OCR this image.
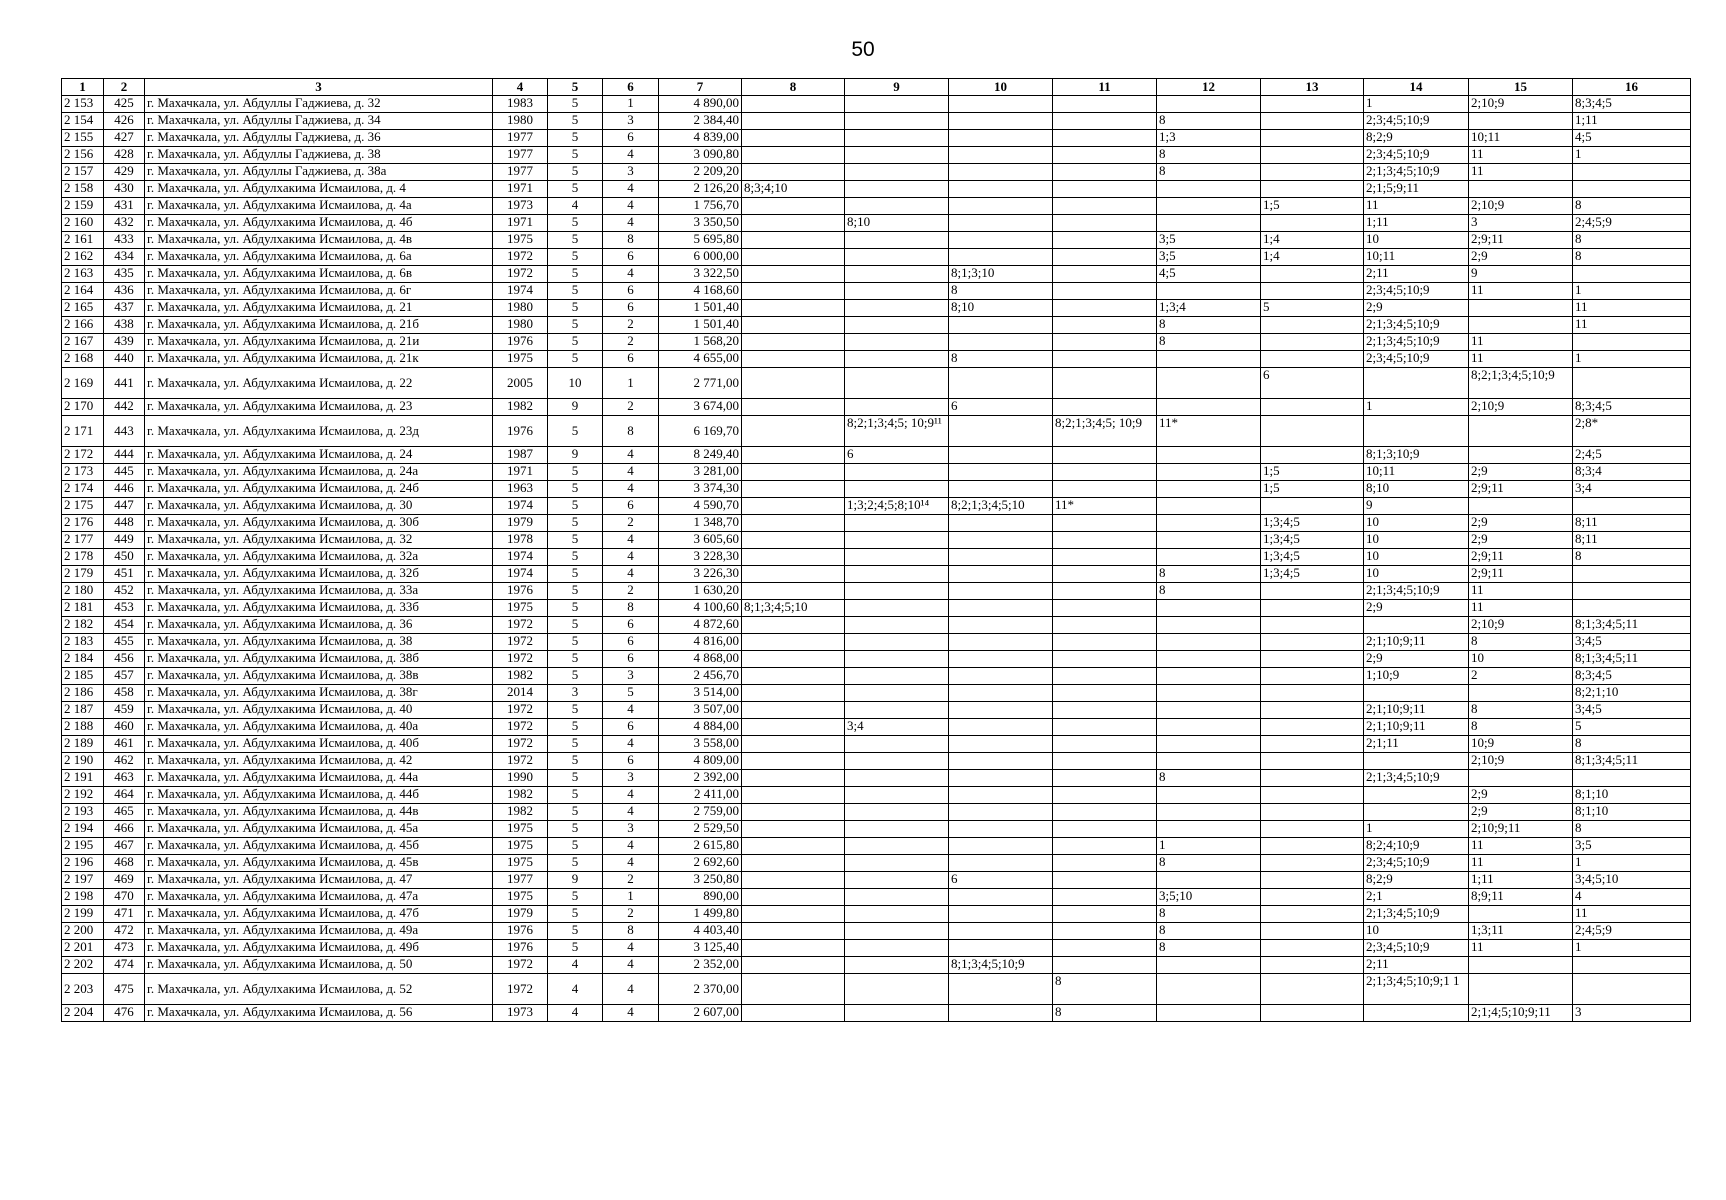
50
1	2	3	4	5	6	7	8	9	10	11	12	13	14	15	16
2 153	425	г. Махачкала, ул. Абдуллы Гаджиева, д. 32	1983	5	1	4 890,00							1	2;10;9	8;3;4;5
2 154	426	г. Махачкала, ул. Абдуллы Гаджиева, д. 34	1980	5	3	2 384,40					8		2;3;4;5;10;9		1;11
2 155	427	г. Махачкала, ул. Абдуллы Гаджиева, д. 36	1977	5	6	4 839,00					1;3		8;2;9	10;11	4;5
2 156	428	г. Махачкала, ул. Абдуллы Гаджиева, д. 38	1977	5	4	3 090,80					8		2;3;4;5;10;9	11	1
2 157	429	г. Махачкала, ул. Абдуллы Гаджиева, д. 38а	1977	5	3	2 209,20					8		2;1;3;4;5;10;9	11	
2 158	430	г. Махачкала, ул. Абдулхакима Исмаилова, д. 4	1971	5	4	2 126,20	8;3;4;10						2;1;5;9;11		
2 159	431	г. Махачкала, ул. Абдулхакима Исмаилова, д. 4а	1973	4	4	1 756,70						1;5	11	2;10;9	8
2 160	432	г. Махачкала, ул. Абдулхакима Исмаилова, д. 4б	1971	5	4	3 350,50		8;10					1;11	3	2;4;5;9
2 161	433	г. Махачкала, ул. Абдулхакима Исмаилова, д. 4в	1975	5	8	5 695,80					3;5	1;4	10	2;9;11	8
2 162	434	г. Махачкала, ул. Абдулхакима Исмаилова, д. 6а	1972	5	6	6 000,00					3;5	1;4	10;11	2;9	8
2 163	435	г. Махачкала, ул. Абдулхакима Исмаилова, д. 6в	1972	5	4	3 322,50			8;1;3;10		4;5		2;11	9	
2 164	436	г. Махачкала, ул. Абдулхакима Исмаилова, д. 6г	1974	5	6	4 168,60			8				2;3;4;5;10;9	11	1
2 165	437	г. Махачкала, ул. Абдулхакима Исмаилова, д. 21	1980	5	6	1 501,40			8;10		1;3;4	5	2;9		11
2 166	438	г. Махачкала, ул. Абдулхакима Исмаилова, д. 21б	1980	5	2	1 501,40					8		2;1;3;4;5;10;9		11
2 167	439	г. Махачкала, ул. Абдулхакима Исмаилова, д. 21и	1976	5	2	1 568,20					8		2;1;3;4;5;10;9	11	
2 168	440	г. Махачкала, ул. Абдулхакима Исмаилова, д. 21к	1975	5	6	4 655,00			8				2;3;4;5;10;9	11	1
2 169	441	г. Махачкала, ул. Абдулхакима Исмаилова, д. 22	2005	10	1	2 771,00						6		8;2;1;3;4;5;10;9	
2 170	442	г. Махачкала, ул. Абдулхакима Исмаилова, д. 23	1982	9	2	3 674,00			6				1	2;10;9	8;3;4;5
2 171	443	г. Махачкала, ул. Абдулхакима Исмаилова, д. 23д	1976	5	8	6 169,70		8;2;1;3;4;5; 10;9¹¹		8;2;1;3;4;5; 10;9	11*				2;8*
2 172	444	г. Махачкала, ул. Абдулхакима Исмаилова, д. 24	1987	9	4	8 249,40		6					8;1;3;10;9		2;4;5
2 173	445	г. Махачкала, ул. Абдулхакима Исмаилова, д. 24а	1971	5	4	3 281,00						1;5	10;11	2;9	8;3;4
2 174	446	г. Махачкала, ул. Абдулхакима Исмаилова, д. 24б	1963	5	4	3 374,30						1;5	8;10	2;9;11	3;4
2 175	447	г. Махачкала, ул. Абдулхакима Исмаилова, д. 30	1974	5	6	4 590,70		1;3;2;4;5;8;10¹⁴	8;2;1;3;4;5;10	11*			9		
2 176	448	г. Махачкала, ул. Абдулхакима Исмаилова, д. 30б	1979	5	2	1 348,70						1;3;4;5	10	2;9	8;11
2 177	449	г. Махачкала, ул. Абдулхакима Исмаилова, д. 32	1978	5	4	3 605,60						1;3;4;5	10	2;9	8;11
2 178	450	г. Махачкала, ул. Абдулхакима Исмаилова, д. 32а	1974	5	4	3 228,30						1;3;4;5	10	2;9;11	8
2 179	451	г. Махачкала, ул. Абдулхакима Исмаилова, д. 32б	1974	5	4	3 226,30					8	1;3;4;5	10	2;9;11	
2 180	452	г. Махачкала, ул. Абдулхакима Исмаилова, д. 33а	1976	5	2	1 630,20					8		2;1;3;4;5;10;9	11	
2 181	453	г. Махачкала, ул. Абдулхакима Исмаилова, д. 33б	1975	5	8	4 100,60	8;1;3;4;5;10						2;9	11	
2 182	454	г. Махачкала, ул. Абдулхакима Исмаилова, д. 36	1972	5	6	4 872,60								2;10;9	8;1;3;4;5;11
2 183	455	г. Махачкала, ул. Абдулхакима Исмаилова, д. 38	1972	5	6	4 816,00							2;1;10;9;11	8	3;4;5
2 184	456	г. Махачкала, ул. Абдулхакима Исмаилова, д. 38б	1972	5	6	4 868,00							2;9	10	8;1;3;4;5;11
2 185	457	г. Махачкала, ул. Абдулхакима Исмаилова, д. 38в	1982	5	3	2 456,70							1;10;9	2	8;3;4;5
2 186	458	г. Махачкала, ул. Абдулхакима Исмаилова, д. 38г	2014	3	5	3 514,00									8;2;1;10
2 187	459	г. Махачкала, ул. Абдулхакима Исмаилова, д. 40	1972	5	4	3 507,00							2;1;10;9;11	8	3;4;5
2 188	460	г. Махачкала, ул. Абдулхакима Исмаилова, д. 40а	1972	5	6	4 884,00		3;4					2;1;10;9;11	8	5
2 189	461	г. Махачкала, ул. Абдулхакима Исмаилова, д. 40б	1972	5	4	3 558,00							2;1;11	10;9	8
2 190	462	г. Махачкала, ул. Абдулхакима Исмаилова, д. 42	1972	5	6	4 809,00								2;10;9	8;1;3;4;5;11
2 191	463	г. Махачкала, ул. Абдулхакима Исмаилова, д. 44а	1990	5	3	2 392,00					8		2;1;3;4;5;10;9		
2 192	464	г. Махачкала, ул. Абдулхакима Исмаилова, д. 44б	1982	5	4	2 411,00								2;9	8;1;10
2 193	465	г. Махачкала, ул. Абдулхакима Исмаилова, д. 44в	1982	5	4	2 759,00								2;9	8;1;10
2 194	466	г. Махачкала, ул. Абдулхакима Исмаилова, д. 45а	1975	5	3	2 529,50							1	2;10;9;11	8
2 195	467	г. Махачкала, ул. Абдулхакима Исмаилова, д. 45б	1975	5	4	2 615,80					1		8;2;4;10;9	11	3;5
2 196	468	г. Махачкала, ул. Абдулхакима Исмаилова, д. 45в	1975	5	4	2 692,60					8		2;3;4;5;10;9	11	1
2 197	469	г. Махачкала, ул. Абдулхакима Исмаилова, д. 47	1977	9	2	3 250,80			6				8;2;9	1;11	3;4;5;10
2 198	470	г. Махачкала, ул. Абдулхакима Исмаилова, д. 47а	1975	5	1	890,00					3;5;10		2;1	8;9;11	4
2 199	471	г. Махачкала, ул. Абдулхакима Исмаилова, д. 47б	1979	5	2	1 499,80					8		2;1;3;4;5;10;9		11
2 200	472	г. Махачкала, ул. Абдулхакима Исмаилова, д. 49а	1976	5	8	4 403,40					8		10	1;3;11	2;4;5;9
2 201	473	г. Махачкала, ул. Абдулхакима Исмаилова, д. 49б	1976	5	4	3 125,40					8		2;3;4;5;10;9	11	1
2 202	474	г. Махачкала, ул. Абдулхакима Исмаилова, д. 50	1972	4	4	2 352,00			8;1;3;4;5;10;9				2;11		
2 203	475	г. Махачкала, ул. Абдулхакима Исмаилова, д. 52	1972	4	4	2 370,00				8			2;1;3;4;5;10;9;1 1		
2 204	476	г. Махачкала, ул. Абдулхакима Исмаилова, д. 56	1973	4	4	2 607,00				8				2;1;4;5;10;9;11	3
